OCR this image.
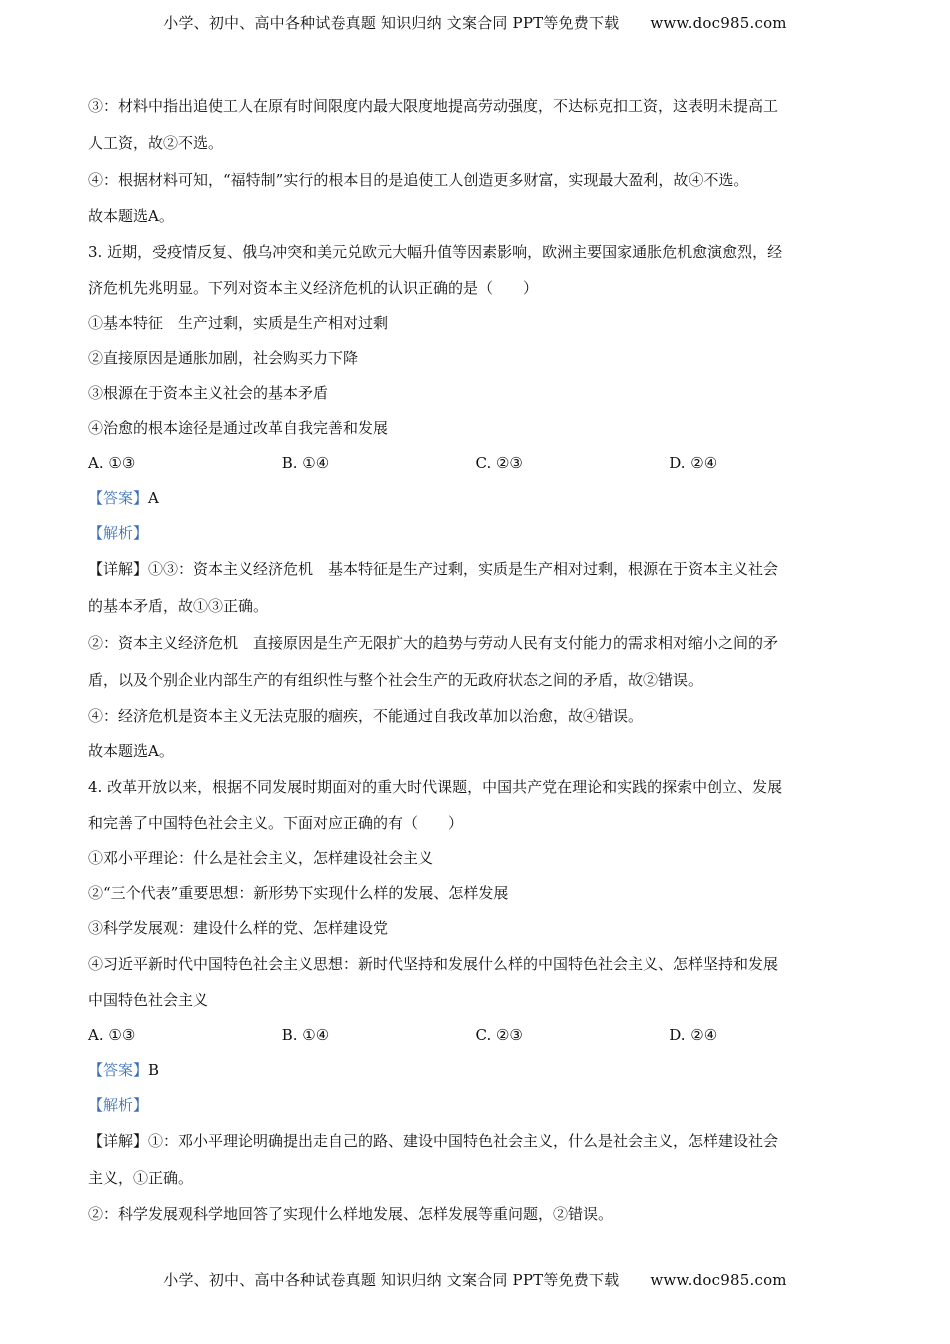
小学、初中、高中各种试卷真题 知识归纳 文案合同 PPT等免费下载 www.doc985.com
③：材料中指出追使工人在原有时间限度内最大限度地提高劳动强度，不达标克扣工资，这表明未提高工
人工资，故②不选。
④：根据材料可知，“福特制”实行的根本目的是追使工人创造更多财富，实现最大盈利，故④不选。
故本题选A。
3. 近期，受疫情反复、俄乌冲突和美元兑欧元大幅升值等因素影响，欧洲主要国家通胀危机愈演愈烈，经
济危机先兆明显。下列对资本主义经济危机的认识正确的是（　　）
①基本特征　生产过剩，实质是生产相对过剩
②直接原因是通胀加剧，社会购买力下降
③根源在于资本主义社会的基本矛盾
④治愈的根本途径是通过改革自我完善和发展
A. ①③	B. ①④	C. ②③	D. ②④
【答案】A
【解析】
【详解】①③：资本主义经济危机　基本特征是生产过剩，实质是生产相对过剩，根源在于资本主义社会
的基本矛盾，故①③正确。
②：资本主义经济危机　直接原因是生产无限扩大的趋势与劳动人民有支付能力的需求相对缩小之间的矛
盾，以及个别企业内部生产的有组织性与整个社会生产的无政府状态之间的矛盾，故②错误。
④：经济危机是资本主义无法克服的痼疾，不能通过自我改革加以治愈，故④错误。
故本题选A。
4. 改革开放以来，根据不同发展时期面对的重大时代课题，中国共产党在理论和实践的探索中创立、发展
和完善了中国特色社会主义。下面对应正确的有（　　）
①邓小平理论：什么是社会主义，怎样建设社会主义
②“三个代表”重要思想：新形势下实现什么样的发展、怎样发展
③科学发展观：建设什么样的党、怎样建设党
④习近平新时代中国特色社会主义思想：新时代坚持和发展什么样的中国特色社会主义、怎样坚持和发展
中国特色社会主义
A. ①③	B. ①④	C. ②③	D. ②④
【答案】B
【解析】
【详解】①：邓小平理论明确提出走自己的路、建设中国特色社会主义，什么是社会主义，怎样建设社会
主义，①正确。
②：科学发展观科学地回答了实现什么样地发展、怎样发展等重问题，②错误。
小学、初中、高中各种试卷真题 知识归纳 文案合同 PPT等免费下载 www.doc985.com
